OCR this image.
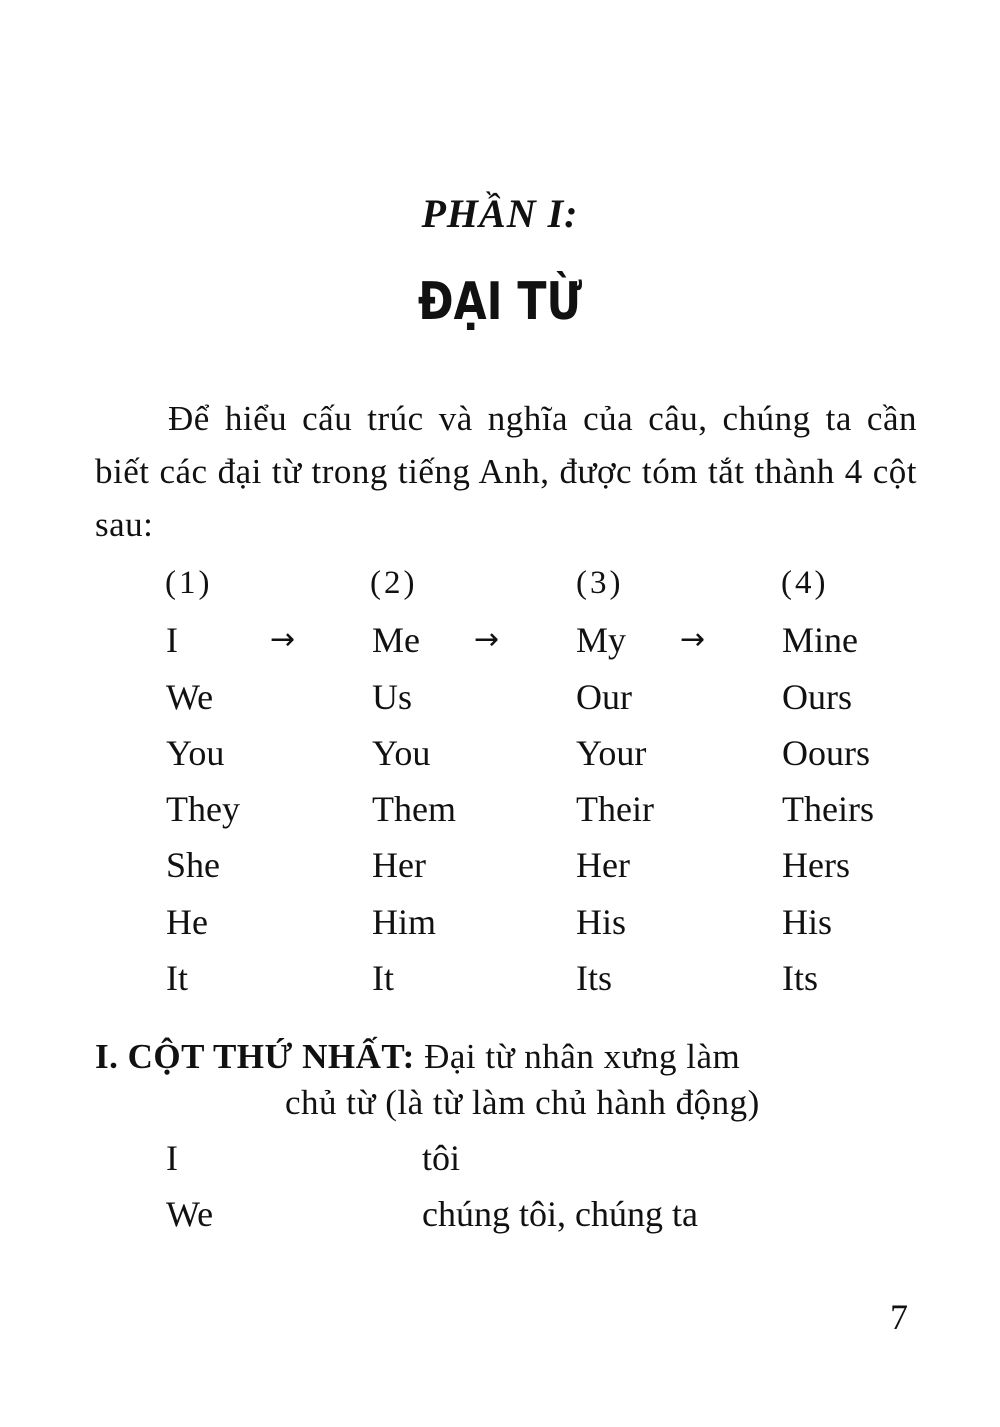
PHẦN I:
ĐẠI TỪ
Để hiểu cấu trúc và nghĩa của câu, chúng ta cần biết các đại từ trong tiếng Anh, được tóm tắt thành 4 cột sau:
(1)	(2)	(3)	(4)
I	→ Me → My → Mine
We	Us	Our	Ours
You	You	Your	Oours
They	Them	Their	Theirs
She	Her	Her	Hers
He	Him	His	His
It	It	Its	Its
I. CỘT THỨ NHẤT: Đại từ nhân xưng làm
chủ từ (là từ làm chủ hành động)
I	tôi
We	chúng tôi, chúng ta
7
